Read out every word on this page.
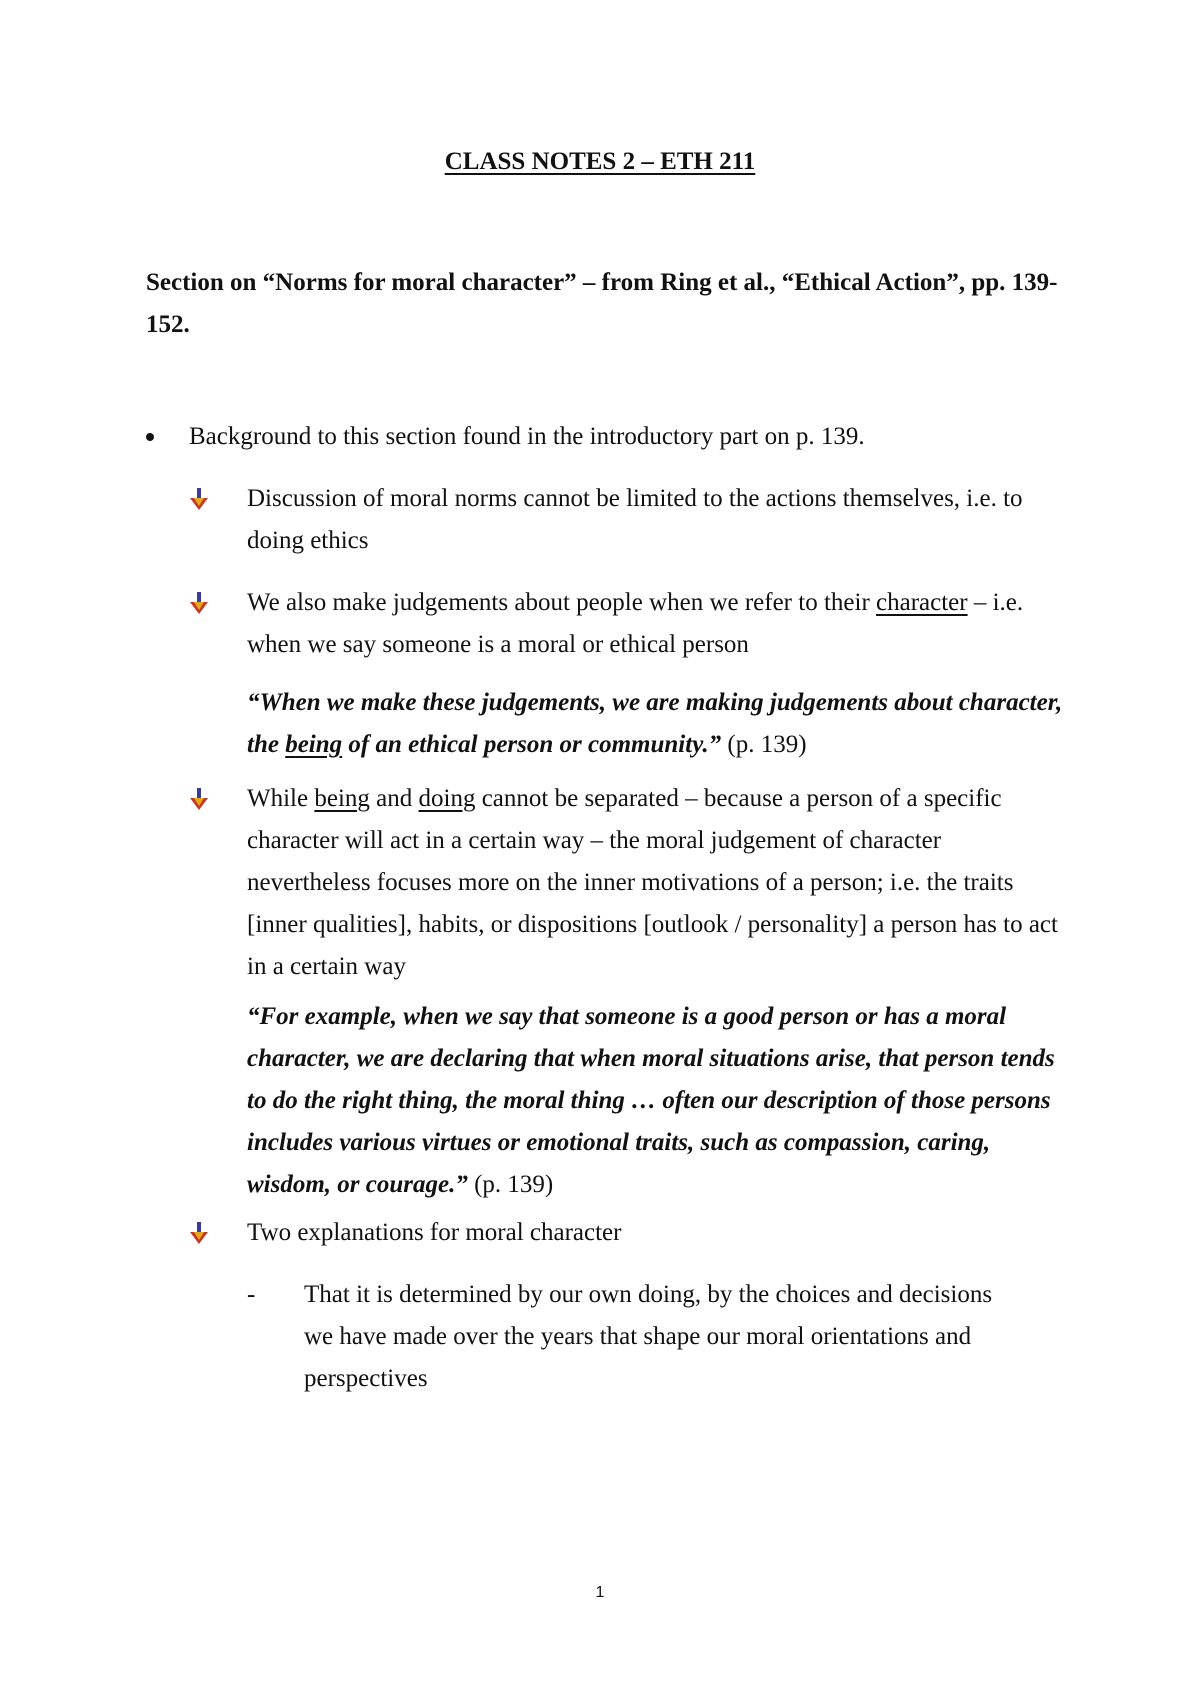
CLASS NOTES 2 – ETH 211
Section on “Norms for moral character” – from Ring et al., “Ethical Action”, pp. 139-152.
Background to this section found in the introductory part on p. 139.
Discussion of moral norms cannot be limited to the actions themselves, i.e. to doing ethics
We also make judgements about people when we refer to their character – i.e. when we say someone is a moral or ethical person
“When we make these judgements, we are making judgements about character, the being of an ethical person or community.” (p. 139)
While being and doing cannot be separated – because a person of a specific character will act in a certain way – the moral judgement of character nevertheless focuses more on the inner motivations of a person; i.e. the traits [inner qualities], habits, or dispositions [outlook / personality] a person has to act in a certain way
“For example, when we say that someone is a good person or has a moral character, we are declaring that when moral situations arise, that person tends to do the right thing, the moral thing … often our description of those persons includes various virtues or emotional traits, such as compassion, caring, wisdom, or courage.” (p. 139)
Two explanations for moral character
- That it is determined by our own doing, by the choices and decisions we have made over the years that shape our moral orientations and perspectives
1
